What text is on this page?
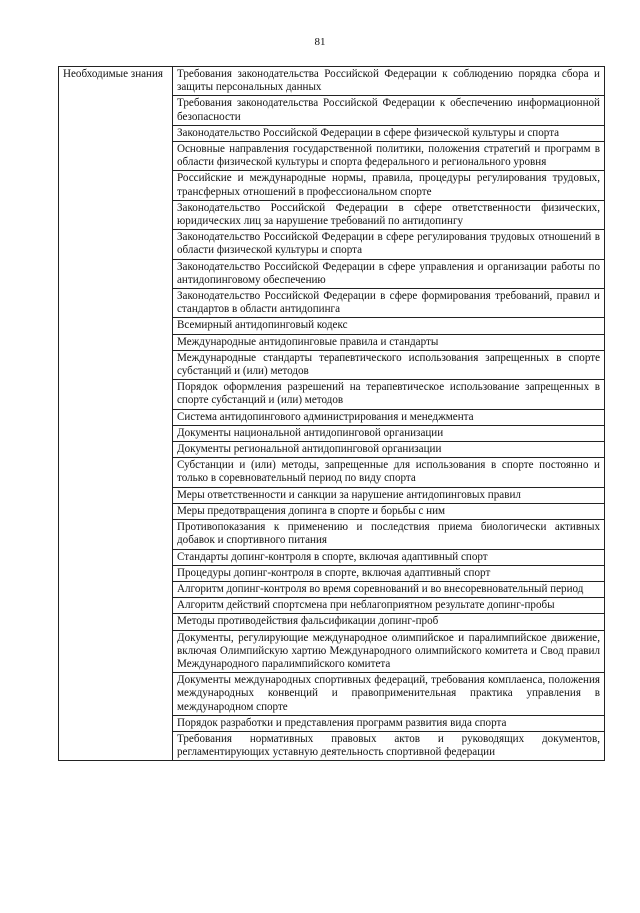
81
Необходимые знания	Требования законодательства Российской Федерации к соблюдению порядка сбора и защиты персональных данных
Требования законодательства Российской Федерации к обеспечению информационной безопасности
Законодательство Российской Федерации в сфере физической культуры и спорта
Основные направления государственной политики, положения стратегий и программ в области физической культуры и спорта федерального и регионального уровня
Российские и международные нормы, правила, процедуры регулирования трудовых, трансферных отношений в профессиональном спорте
Законодательство Российской Федерации в сфере ответственности физических, юридических лиц за нарушение требований по антидопингу
Законодательство Российской Федерации в сфере регулирования трудовых отношений в области физической культуры и спорта
Законодательство Российской Федерации в сфере управления и организации работы по антидопинговому обеспечению
Законодательство Российской Федерации в сфере формирования требований, правил и стандартов в области антидопинга
Всемирный антидопинговый кодекс
Международные антидопинговые правила и стандарты
Международные стандарты терапевтического использования запрещенных в спорте субстанций и (или) методов
Порядок оформления разрешений на терапевтическое использование запрещенных в спорте субстанций и (или) методов
Система антидопингового администрирования и менеджмента
Документы национальной антидопинговой организации
Документы региональной антидопинговой организации
Субстанции и (или) методы, запрещенные для использования в спорте постоянно и только в соревновательный период по виду спорта
Меры ответственности и санкции за нарушение антидопинговых правил
Меры предотвращения допинга в спорте и борьбы с ним
Противопоказания к применению и последствия приема биологически активных добавок и спортивного питания
Стандарты допинг-контроля в спорте, включая адаптивный спорт
Процедуры допинг-контроля в спорте, включая адаптивный спорт
Алгоритм допинг-контроля во время соревнований и во внесоревновательный период
Алгоритм действий спортсмена при неблагоприятном результате допинг-пробы
Методы противодействия фальсификации допинг-проб
Документы, регулирующие международное олимпийское и паралимпийское движение, включая Олимпийскую хартию Международного олимпийского комитета и Свод правил Международного паралимпийского комитета
Документы международных спортивных федераций, требования комплаенса, положения международных конвенций и правоприменительная практика управления в международном спорте
Порядок разработки и представления программ развития вида спорта
Требования нормативных правовых актов и руководящих документов, регламентирующих уставную деятельность спортивной федерации
